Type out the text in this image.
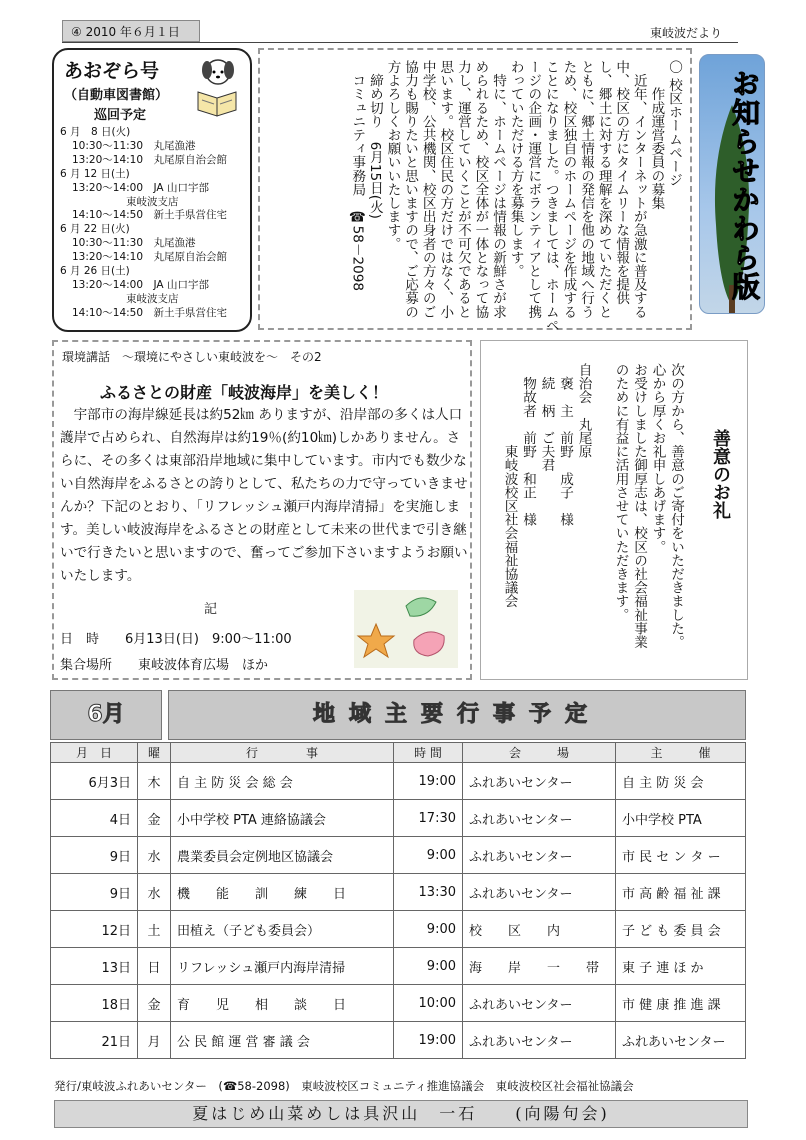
④ 2010 年６月１日	東岐波だより
あおぞら号
（自動車図書館）
巡回予定
6 月　8 日(火)
10:30～11:30　丸尾漁港
13:20～14:10　丸尾原自治会館
6 月 12 日(土)
13:20～14:00　JA 山口宇部
東岐波支店
14:10～14:50　新土手県営住宅
6 月 22 日(火)
10:30～11:30　丸尾漁港
13:20～14:10　丸尾原自治会館
6 月 26 日(土)
13:20～14:00　JA 山口宇部
東岐波支店
14:10～14:50　新土手県営住宅
〇 校区ホームページ
　　作成運営委員の募集
　近年、インターネットが急激に普及する
中、校区の方にタイムリーな情報を提供
し、郷土に対する理解を深めていただくと
ともに、郷土情報の発信を他の地域へ行う
ため、校区独自のホームページを作成する
ことになりました。つきましては、ホームペ
ージの企画・運営にボランティアとして携
わっていただける方を募集します。
　特に、ホームページは情報の新鮮さが求
められるため、校区全体が一体となって協
力し、運営していくことが不可欠であると
思います。校区住民の方だけではなく、小
中学校、公共機関、校区出身者の方々のご
協力も賜りたいと思いますので、ご応募の
方よろしくお願いいたします。
　締め切り　6月15日(火)
　コミュニティ事務局　☎58－2098	お知らせかわら版
環境講話　～環境にやさしい東岐波を～　その2
ふるさとの財産「岐波海岸」を美しく！
　宇部市の海岸線延長は約52㎞ ありますが、沿岸部の多くは人口護岸で占められ、自然海岸は約19％(約10㎞)しかありません。さらに、その多くは東部沿岸地域に集中しています。市内でも数少ない自然海岸をふるさとの誇りとして、私たちの力で守っていきませんか？下記のとおり、「リフレッシュ瀬戸内海岸清掃」を実施します。美しい岐波海岸をふるさとの財産として未来の世代まで引き継いで行きたいと思いますので、奮ってご参加下さいますようお願いいたします。
記
日　時　　6月13日(日)　9:00～11:00
集合場所　　東岐波体育広場　ほか
善意のお礼
次の方から、善意のご寄付をいただきました。
心から厚くお礼申しあげます。
お受けしました御厚志は、校区の社会福祉事業
のために有益に活用させていただきます。

自治会　丸尾原
　褒　主　前野　成子　様
　続　柄　ご夫君
　物故者　前野　和正　様
　　　　　　東岐波校区社会福祉協議会
6月	地域主要行事予定
月　日	曜	行　　　　事	時 間	会　　　場	主　　　催
6月3日	木	自 主 防 災 会 総 会	19:00	ふれあいセンター	自 主 防 災 会
4日	金	小中学校 PTA 連絡協議会	17:30	ふれあいセンター	小中学校 PTA
9日	水	農業委員会定例地区協議会	9:00	ふれあいセンター	市 民 セ ン タ ー
9日	水	機　　能　　訓　　練　　日	13:30	ふれあいセンター	市 高 齢 福 祉 課
12日	土	田植え（子ども委員会）	9:00	校　　区　　内	子 ど も 委 員 会
13日	日	リフレッシュ瀬戸内海岸清掃	9:00	海　　岸　　一　　帯	東 子 連 ほ か
18日	金	育　　児　　相　　談　　日	10:00	ふれあいセンター	市 健 康 推 進 課
21日	月	公 民 館 運 営 審 議 会	19:00	ふれあいセンター	ふれあいセンター
発行/東岐波ふれあいセンター　(☎58-2098)　東岐波校区コミュニティ推進協議会　東岐波校区社会福祉協議会
夏はじめ山菜めしは具沢山　一石　　(向陽句会)
